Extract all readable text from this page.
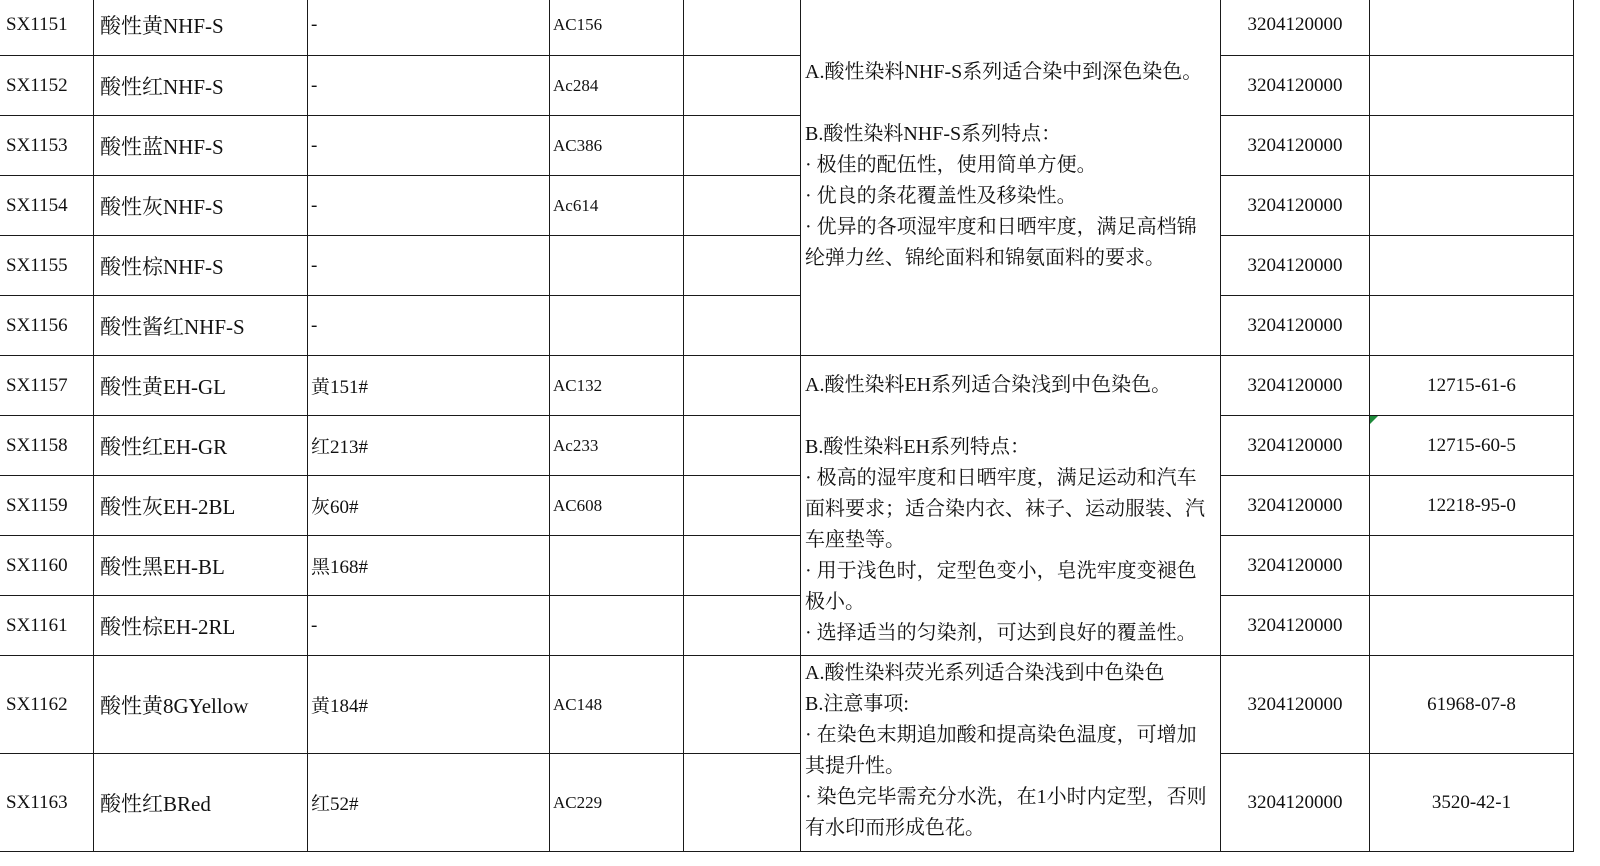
SX1151	酸性黄NHF-S	-	AC156		A.酸性染料NHF-S系列适合染中到深色染色。
B.酸性染料NHF-S系列特点：
· 极佳的配伍性，使用简单方便。
· 优良的条花覆盖性及移染性。
· 优异的各项湿牢度和日晒牢度，满足高档锦纶弹力丝、锦纶面料和锦氨面料的要求。	3204120000	
SX1152	酸性红NHF-S	-	Ac284			3204120000	
SX1153	酸性蓝NHF-S	-	AC386			3204120000	
SX1154	酸性灰NHF-S	-	Ac614			3204120000	
SX1155	酸性棕NHF-S	-				3204120000	
SX1156	酸性酱红NHF-S	-				3204120000	
SX1157	酸性黄EH-GL	黄151#	AC132		A.酸性染料EH系列适合染浅到中色染色。
B.酸性染料EH系列特点：
· 极高的湿牢度和日晒牢度，满足运动和汽车面料要求；适合染内衣、袜子、运动服装、汽车座垫等。
· 用于浅色时，定型色变小，皂洗牢度变褪色极小。
· 选择适当的匀染剂，可达到良好的覆盖性。	3204120000	12715-61-6
SX1158	酸性红EH-GR	红213#	Ac233			3204120000	12715-60-5
SX1159	酸性灰EH-2BL	灰60#	AC608			3204120000	12218-95-0
SX1160	酸性黑EH-BL	黑168#				3204120000	
SX1161	酸性棕EH-2RL	-				3204120000	
SX1162	酸性黄8GYellow	黄184#	AC148		A.酸性染料荧光系列适合染浅到中色染色
B.注意事项:
· 在染色末期追加酸和提高染色温度，可增加其提升性。
· 染色完毕需充分水洗，在1小时内定型，否则有水印而形成色花。	3204120000	61968-07-8
SX1163	酸性红BRed	红52#	AC229			3204120000	3520-42-1
